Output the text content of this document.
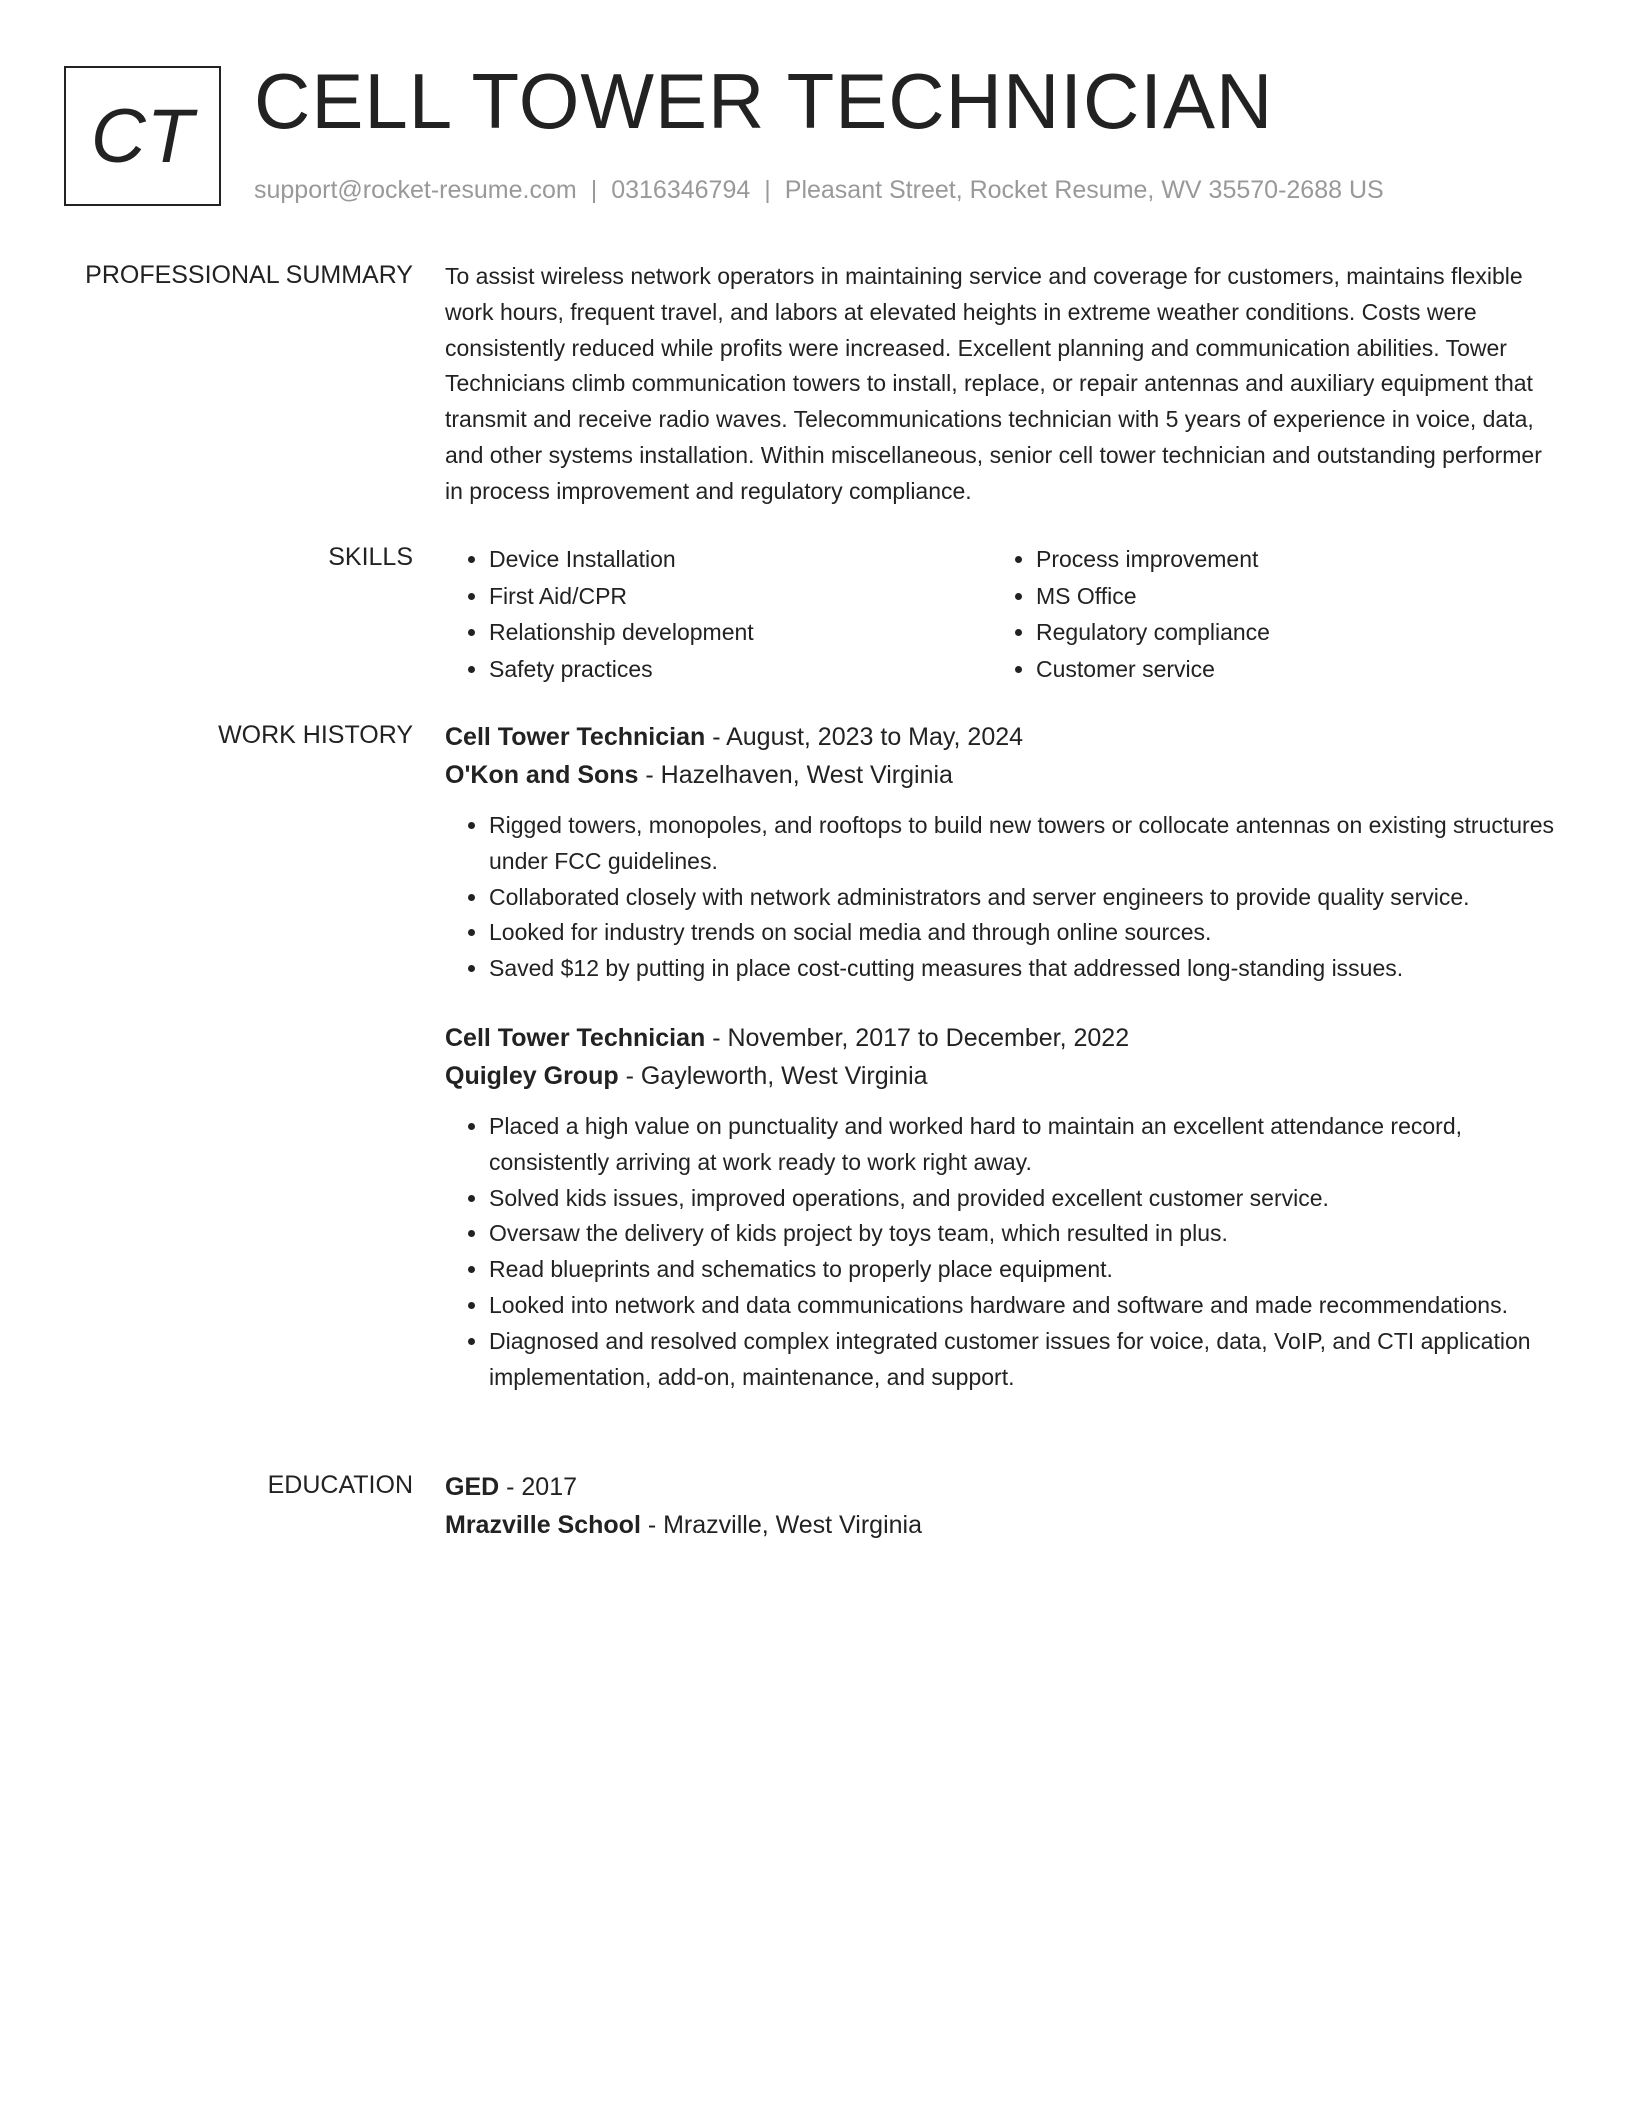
CT CELL TOWER TECHNICIAN
support@rocket-resume.com | 0316346794 | Pleasant Street, Rocket Resume, WV 35570-2688 US
PROFESSIONAL SUMMARY To assist wireless network operators in maintaining service and coverage for customers, maintains flexible work hours, frequent travel, and labors at elevated heights in extreme weather conditions. Costs were consistently reduced while profits were increased. Excellent planning and communication abilities. Tower Technicians climb communication towers to install, replace, or repair antennas and auxiliary equipment that transmit and receive radio waves. Telecommunications technician with 5 years of experience in voice, data, and other systems installation. Within miscellaneous, senior cell tower technician and outstanding performer in process improvement and regulatory compliance.

SKILLS
•	Device Installation
• First Aid/CPR
• Relationship development
• Safety practices
• Process improvement
• MS Office
• Regulatory compliance
• Customer service
WORK HISTORY Cell Tower Technician - August, 2023 to May, 2024
O'Kon and Sons - Hazelhaven, West Virginia
• Rigged towers, monopoles, and rooftops to build new towers or collocate antennas on existing structures under FCC guidelines.
• Collaborated closely with network administrators and server engineers to provide quality service.
• Looked for industry trends on social media and through online sources.
• Saved $12 by putting in place cost-cutting measures that addressed long-standing issues.
Cell Tower Technician - November, 2017 to December, 2022
Quigley Group - Gayleworth, West Virginia
• Placed a high value on punctuality and worked hard to maintain an excellent attendance record, consistently arriving at work ready to work right away.
• Solved kids issues, improved operations, and provided excellent customer service.
• Oversaw the delivery of kids project by toys team, which resulted in plus.
• Read blueprints and schematics to properly place equipment.
• Looked into network and data communications hardware and software and made recommendations.
• Diagnosed and resolved complex integrated customer issues for voice, data, VoIP, and CTI application implementation, add-on, maintenance, and support.
EDUCATION GED - 2017
Mrazville School - Mrazville, West Virginia
